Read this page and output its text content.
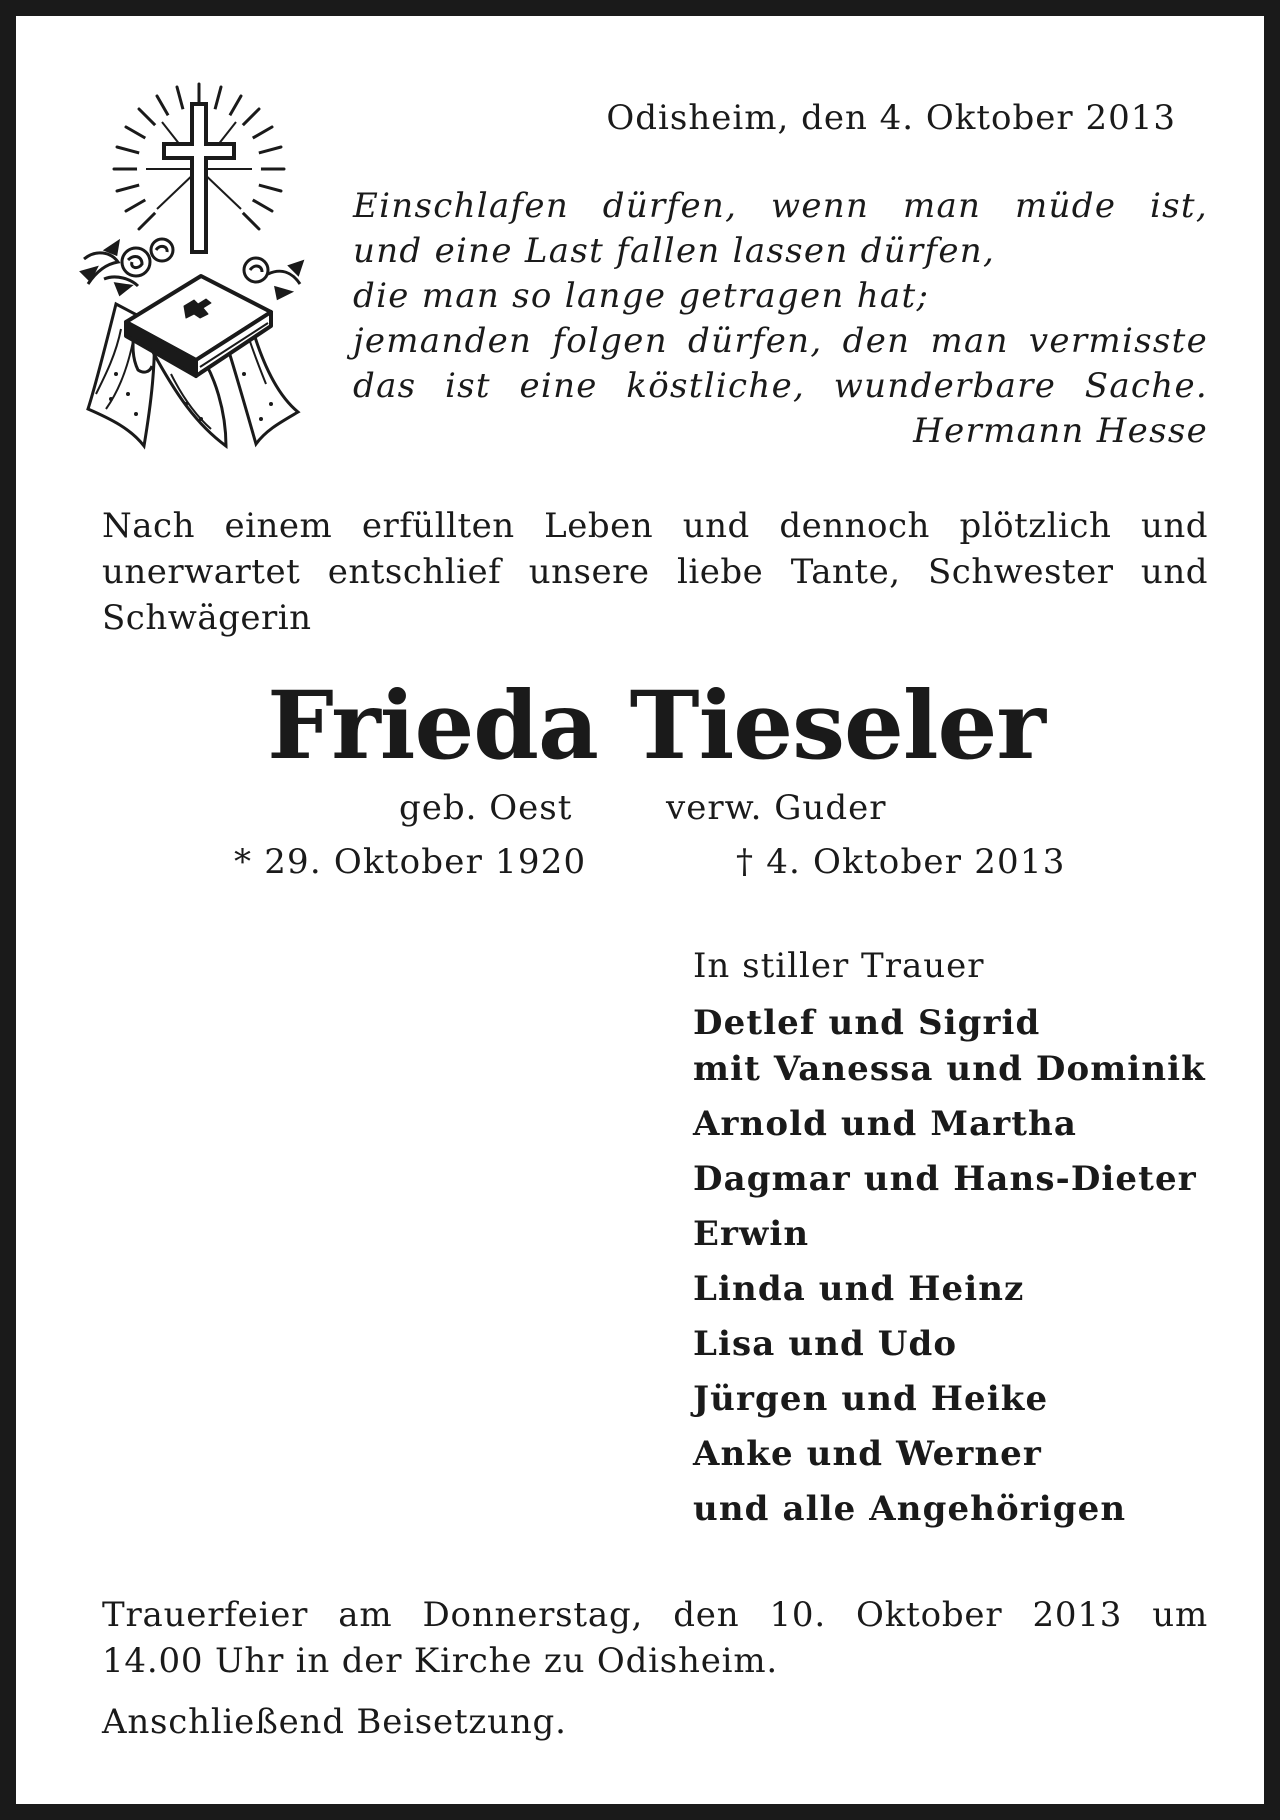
Odisheim, den 4. Oktober 2013
Einschlafen dürfen, wenn man müde ist,
und eine Last fallen lassen dürfen,
die man so lange getragen hat;
jemanden folgen dürfen, den man vermisste
das ist eine köstliche, wunderbare Sache.
Hermann Hesse
Nach einem erfüllten Leben und dennoch plötzlich und
unerwartet entschlief unsere liebe Tante, Schwester und
Schwägerin
Frieda Tieseler
geb. Oest	verw. Guder
* 29. Oktober 1920	† 4. Oktober 2013
In stiller Trauer
Detlef und Sigrid
mit Vanessa und Dominik
Arnold und Martha
Dagmar und Hans-Dieter
Erwin
Linda und Heinz
Lisa und Udo
Jürgen und Heike
Anke und Werner
und alle Angehörigen
Trauerfeier am Donnerstag, den 10. Oktober 2013 um
14.00 Uhr in der Kirche zu Odisheim.
Anschließend Beisetzung.
